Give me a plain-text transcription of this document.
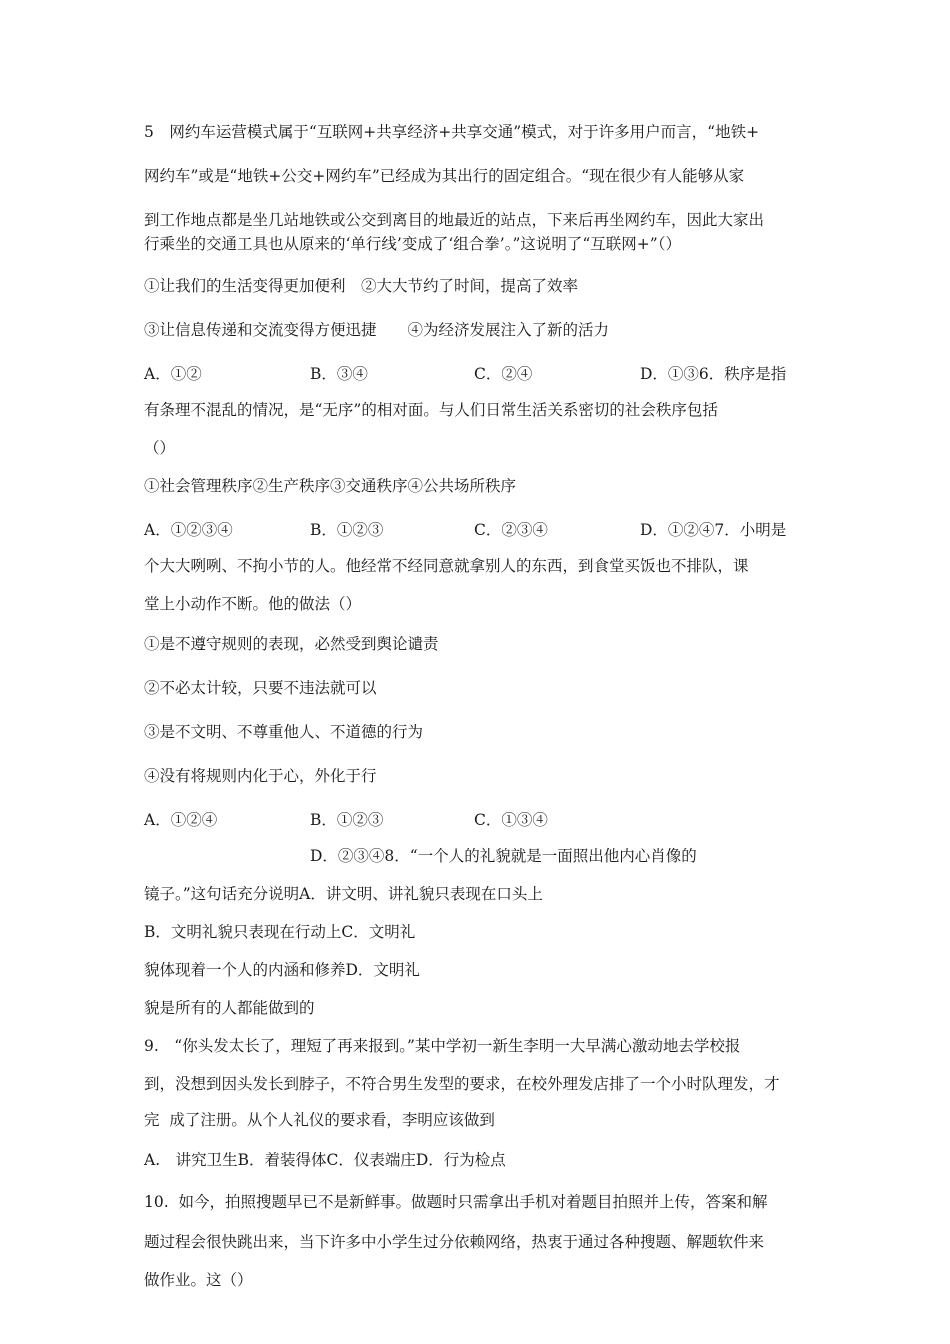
5　网约车运营模式属于“互联网+共享经济+共享交通”模式，对于许多用户而言，“地铁+

网约车”或是“地铁+公交+网约车”已经成为其出行的固定组合。“现在很少有人能够从家

到工作地点都是坐几站地铁或公交到离目的地最近的站点，下来后再坐网约车，因此大家出

行乘坐的交通工具也从原来的‘单行线’变成了‘组合拳’。”这说明了“互联网+”（）

①让我们的生活变得更加便利　②大大节约了时间，提高了效率

③让信息传递和交流变得方便迅捷　　④为经济发展注入了新的活力

A．①②	B．③④	C．②④	D．①③6．秩序是指

有条理不混乱的情况，是“无序”的相对面。与人们日常生活关系密切的社会秩序包括

（）

①社会管理秩序②生产秩序③交通秩序④公共场所秩序

A．①②③④	B．①②③	C．②③④	D．①②④7．小明是

个大大咧咧、不拘小节的人。他经常不经同意就拿别人的东西，到食堂买饭也不排队，课

堂上小动作不断。他的做法（）

①是不遵守规则的表现，必然受到舆论谴责

②不必太计较，只要不违法就可以

③是不文明、不尊重他人、不道德的行为

④没有将规则内化于心，外化于行

A．①②④	B．①②③	C．①③④
D．②③④8．“一个人的礼貌就是一面照出他内心肖像的

镜子。”这句话充分说明A．讲文明、讲礼貌只表现在口头上

B．文明礼貌只表现在行动上C．文明礼

貌体现着一个人的内涵和修养D．文明礼

貌是所有的人都能做到的

9.　“你头发太长了，理短了再来报到。”某中学初一新生李明一大早满心激动地去学校报

到，没想到因头发长到脖子，不符合男生发型的要求，在校外理发店排了一个小时队理发，才

完  成了注册。从个人礼仪的要求看，李明应该做到

A.　讲究卫生B．着装得体C．仪表端庄D．行为检点

10.  如今，拍照搜题早已不是新鲜事。做题时只需拿出手机对着题目拍照并上传，答案和解

题过程会很快跳出来，当下许多中小学生过分依赖网络，热衷于通过各种搜题、解题软件来

做作业。这（）
